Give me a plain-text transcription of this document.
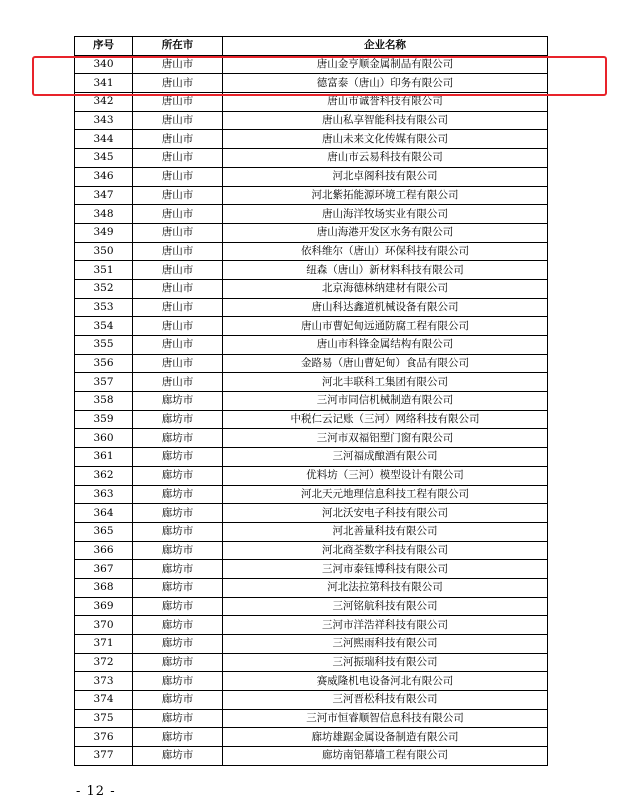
序号	所在市	企业名称
340	唐山市	唐山金亨顺金属制品有限公司
341	唐山市	德富泰（唐山）印务有限公司
342	唐山市	唐山市诚誉科技有限公司
343	唐山市	唐山私享智能科技有限公司
344	唐山市	唐山未来文化传媒有限公司
345	唐山市	唐山市云易科技有限公司
346	唐山市	河北卓阁科技有限公司
347	唐山市	河北紫拓能源环境工程有限公司
348	唐山市	唐山海洋牧场实业有限公司
349	唐山市	唐山海港开发区水务有限公司
350	唐山市	依科维尔（唐山）环保科技有限公司
351	唐山市	纽森（唐山）新材料科技有限公司
352	唐山市	北京海德林纳建材有限公司
353	唐山市	唐山科达鑫道机械设备有限公司
354	唐山市	唐山市曹妃甸远通防腐工程有限公司
355	唐山市	唐山市科锋金属结构有限公司
356	唐山市	金路易（唐山曹妃甸）食品有限公司
357	唐山市	河北丰联科工集团有限公司
358	廊坊市	三河市同信机械制造有限公司
359	廊坊市	中税仁云记账（三河）网络科技有限公司
360	廊坊市	三河市双福铝塑门窗有限公司
361	廊坊市	三河福成酿酒有限公司
362	廊坊市	优料坊（三河）模型设计有限公司
363	廊坊市	河北天元地理信息科技工程有限公司
364	廊坊市	河北沃安电子科技有限公司
365	廊坊市	河北善量科技有限公司
366	廊坊市	河北商荃数字科技有限公司
367	廊坊市	三河市泰钰博科技有限公司
368	廊坊市	河北法拉第科技有限公司
369	廊坊市	三河铭航科技有限公司
370	廊坊市	三河市洋浩祥科技有限公司
371	廊坊市	三河熙雨科技有限公司
372	廊坊市	三河振瑞科技有限公司
373	廊坊市	赛威隆机电设备河北有限公司
374	廊坊市	三河晋松科技有限公司
375	廊坊市	三河市恒睿顺智信息科技有限公司
376	廊坊市	廊坊雄踞金属设备制造有限公司
377	廊坊市	廊坊南铝幕墙工程有限公司
- 12 -
